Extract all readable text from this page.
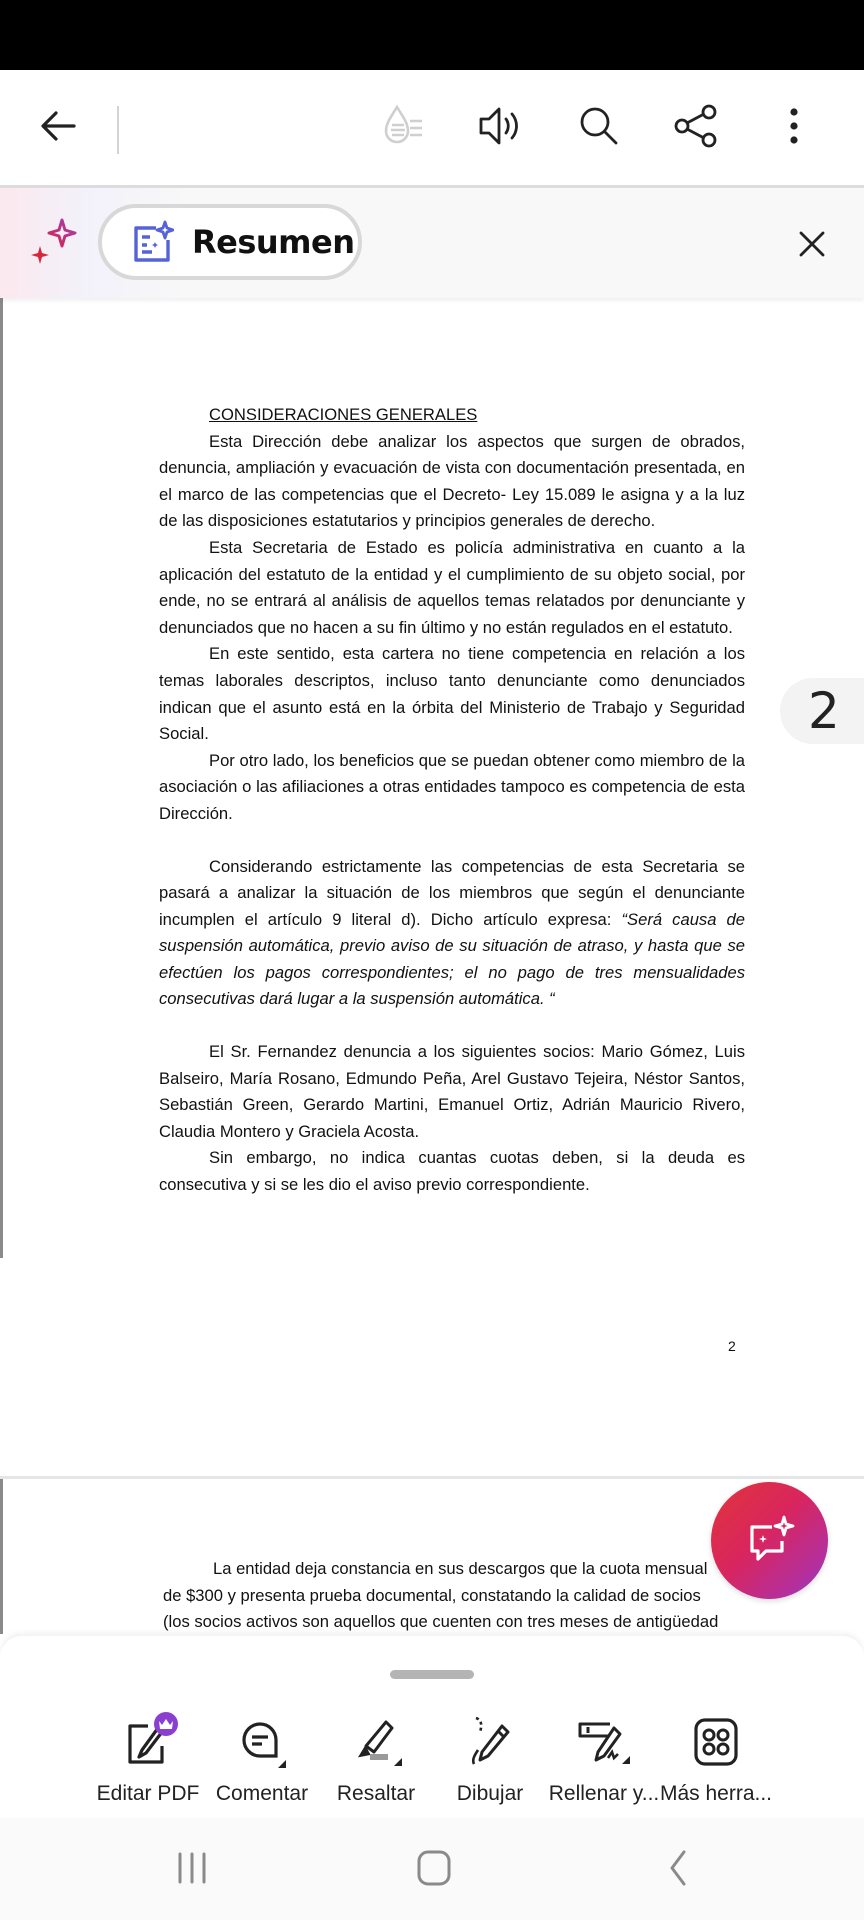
Resumen

CONSIDERACIONES GENERALES

Esta Dirección debe analizar los aspectos que surgen de obrados, denuncia, ampliación y evacuación de vista con documentación presentada, en el marco de las competencias que el Decreto- Ley 15.089 le asigna y a la luz de las disposiciones estatutarios y principios generales de derecho.

Esta Secretaria de Estado es policía administrativa en cuanto a la aplicación del estatuto de la entidad y el cumplimiento de su objeto social, por ende, no se entrará al análisis de aquellos temas relatados por denunciante y denunciados que no hacen a su fin último y no están regulados en el estatuto.

En este sentido, esta cartera no tiene competencia en relación a los temas laborales descriptos, incluso tanto denunciante como denunciados indican que el asunto está en la órbita del Ministerio de Trabajo y Seguridad Social.

Por otro lado, los beneficios que se puedan obtener como miembro de la asociación o las afiliaciones a otras entidades tampoco es competencia de esta Dirección.

Considerando estrictamente las competencias de esta Secretaria se pasará a analizar la situación de los miembros que según el denunciante incumplen el artículo 9 literal d). Dicho artículo expresa: “Será causa de suspensión automática, previo aviso de su situación de atraso, y hasta que se efectúen los pagos correspondientes; el no pago de tres mensualidades consecutivas dará lugar a la suspensión automática. “

El Sr. Fernandez denuncia a los siguientes socios: Mario Gómez, Luis Balseiro, María Rosano, Edmundo Peña, Arel Gustavo Tejeira, Néstor Santos, Sebastián Green, Gerardo Martini, Emanuel Ortiz, Adrián Mauricio Rivero, Claudia Montero y Graciela Acosta.

Sin embargo, no indica cuantas cuotas deben, si la deuda es consecutiva y si se les dio el aviso previo correspondiente.

2
La entidad deja constancia en sus descargos que la cuota mensual
de $300 y presenta prueba documental, constatando la calidad de socios
(los socios activos son aquellos que cuenten con tres meses de antigüedad
2
Editar PDF Comentar	Resaltar	Dibujar	Rellenar y... Más herra...
